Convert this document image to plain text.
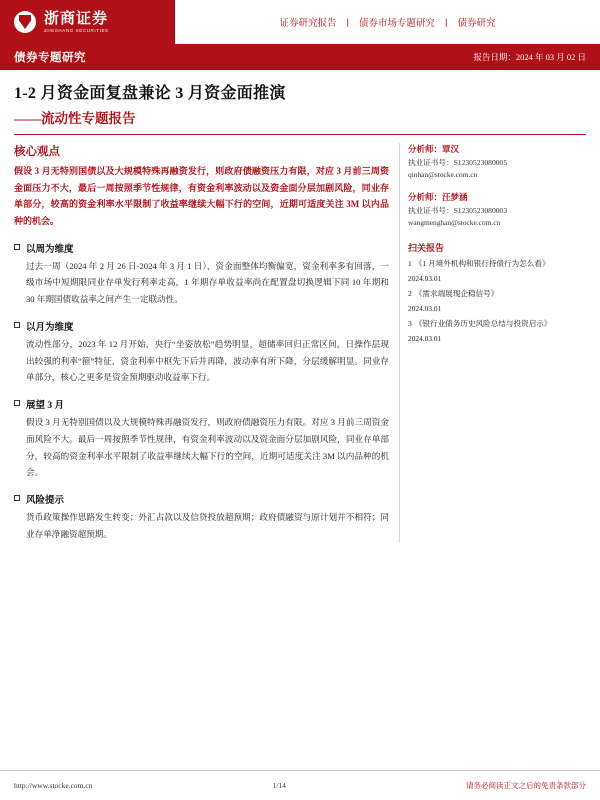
浙商证券
ZHESHANG SECURITIES
证券研究报告 | 债券市场专题研究 | 债券研究
债券专题研究	报告日期：2024 年 03 月 02 日
1-2 月资金面复盘兼论 3 月资金面推演
——流动性专题报告
核心观点
假设 3 月无特别国债以及大规模特殊再融资发行，则政府债融资压力有限，对应 3 月前三周资金面压力不大，最后一周按照季节性规律，有资金利率波动以及资金面分层加剧风险，同业存单部分，较高的资金利率水平限制了收益率继续大幅下行的空间，近期可适度关注 3M 以内品种的机会。
以周为维度
过去一周（2024 年 2 月 26 日-2024 年 3 月 1 日），资金面整体均衡偏宽，资金利率多有回落，一级市场中短期限同业存单发行利率走高，1 年期存单收益率尚在配置盘切换逻辑下同 10 年期和 30 年期国债收益率之间产生一定联动性。
以月为维度
流动性部分，2023 年 12 月开始，央行“坐姿放松”趋势明显，超储率回归正常区间，日操作层现出较强的利率“箍”特征，资金利率中枢先下后并再降，波动率有所下降，分层缓解明显。同业存单部分，核心之更多是资金预期驱动收益率下行。
展望 3 月
假设 3 月无特别国债以及大规模特殊再融资发行，则政府债融资压力有限。对应 3 月前三周资金面风险不大。最后一周按照季节性规律，有资金利率波动以及资金面分层加剧风险，同业存单部分，较高的资金利率水平限制了收益率继续大幅下行的空间，近期可适度关注 3M 以内品种的机会。
风险提示
货币政策操作思路发生转变；外汇占款以及信贷投放超预期；政府债融资与原计划并不相符；同业存单净融资超预期。
分析师：覃汉
执业证书号：S1230523080005
qinhan@stocke.com.cn
分析师：汪梦涵
执业证书号：S1230523080003
wangmenghan@stocke.com.cn
扫关报告
1 《1 月境外机构和银行持债行为怎么看》
2024.03.01
2 《需求端展现企稳信号》
2024.03.01
3 《银行业债务历史风险总结与投资启示》
2024.03.01
http://www.stocke.com.cn	1/14	请务必阅读正文之后的免责条款部分
